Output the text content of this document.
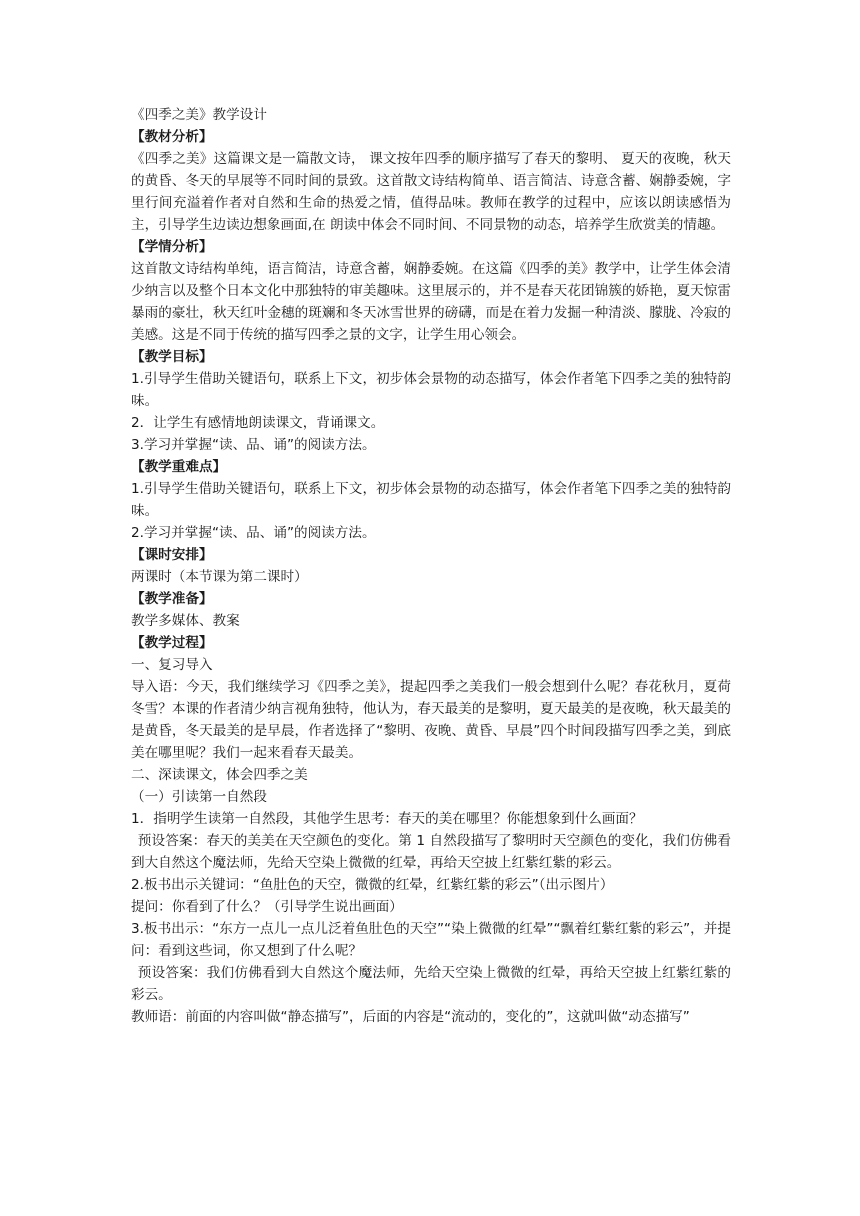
《四季之美》教学设计

【教材分析】

《四季之美》这篇课文是一篇散文诗， 课文按年四季的顺序描写了春天的黎明、 夏天的夜晚，秋天的黄昏、冬天的早展等不同时间的景致。这首散文诗结构简单、语言简洁、诗意含蓄、娴静委婉，字里行间充溢着作者对自然和生命的热爱之情，值得品味。教师在教学的过程中，应该以朗读感悟为主，引导学生边读边想象画面,在 朗读中体会不同时间、不同景物的动态，培养学生欣赏美的情趣。

【学情分析】

这首散文诗结构单纯，语言简洁，诗意含蓄，娴静委婉。在这篇《四季的美》教学中，让学生体会清少纳言以及整个日本文化中那独特的审美趣味。这里展示的，并不是春天花团锦簇的娇艳，夏天惊雷暴雨的豪壮，秋天红叶金穗的斑斓和冬天冰雪世界的磅礴，而是在着力发掘一种清淡、朦胧、冷寂的美感。这是不同于传统的描写四季之景的文字，让学生用心领会。

【教学目标】

1.引导学生借助关键语句，联系上下文，初步体会景物的动态描写，体会作者笔下四季之美的独特韵味。

2．让学生有感情地朗读课文，背诵课文。

3.学习并掌握“读、品、诵”的阅读方法。

【教学重难点】

1.引导学生借助关键语句，联系上下文，初步体会景物的动态描写，体会作者笔下四季之美的独特韵味。

2.学习并掌握“读、品、诵”的阅读方法。

【课时安排】

两课时（本节课为第二课时）

【教学准备】

教学多媒体、教案

【教学过程】

一、复习导入

导入语：今天，我们继续学习《四季之美》，提起四季之美我们一般会想到什么呢？春花秋月，夏荷冬雪？本课的作者清少纳言视角独特，他认为，春天最美的是黎明，夏天最美的是夜晚，秋天最美的是黄昏，冬天最美的是早晨，作者选择了“黎明、夜晚、黄昏、早晨”四个时间段描写四季之美，到底美在哪里呢？我们一起来看春天最美。

二、深读课文，体会四季之美

（一）引读第一自然段

1．指明学生读第一自然段，其他学生思考：春天的美在哪里？你能想象到什么画面？

预设答案：春天的美美在天空颜色的变化。第 1 自然段描写了黎明时天空颜色的变化，我们仿佛看到大自然这个魔法师，先给天空染上微微的红晕，再给天空披上红紫红紫的彩云。

2.板书出示关键词：“鱼肚色的天空，微微的红晕，红紫红紫的彩云”（出示图片）

提问：你看到了什么？（引导学生说出画面）

3.板书出示：“东方一点儿一点儿泛着鱼肚色的天空”“染上微微的红晕”“飘着红紫红紫的彩云”，并提问：看到这些词，你又想到了什么呢？

预设答案：我们仿佛看到大自然这个魔法师，先给天空染上微微的红晕，再给天空披上红紫红紫的彩云。

教师语：前面的内容叫做“静态描写”，后面的内容是“流动的，变化的”，这就叫做“动态描写”
